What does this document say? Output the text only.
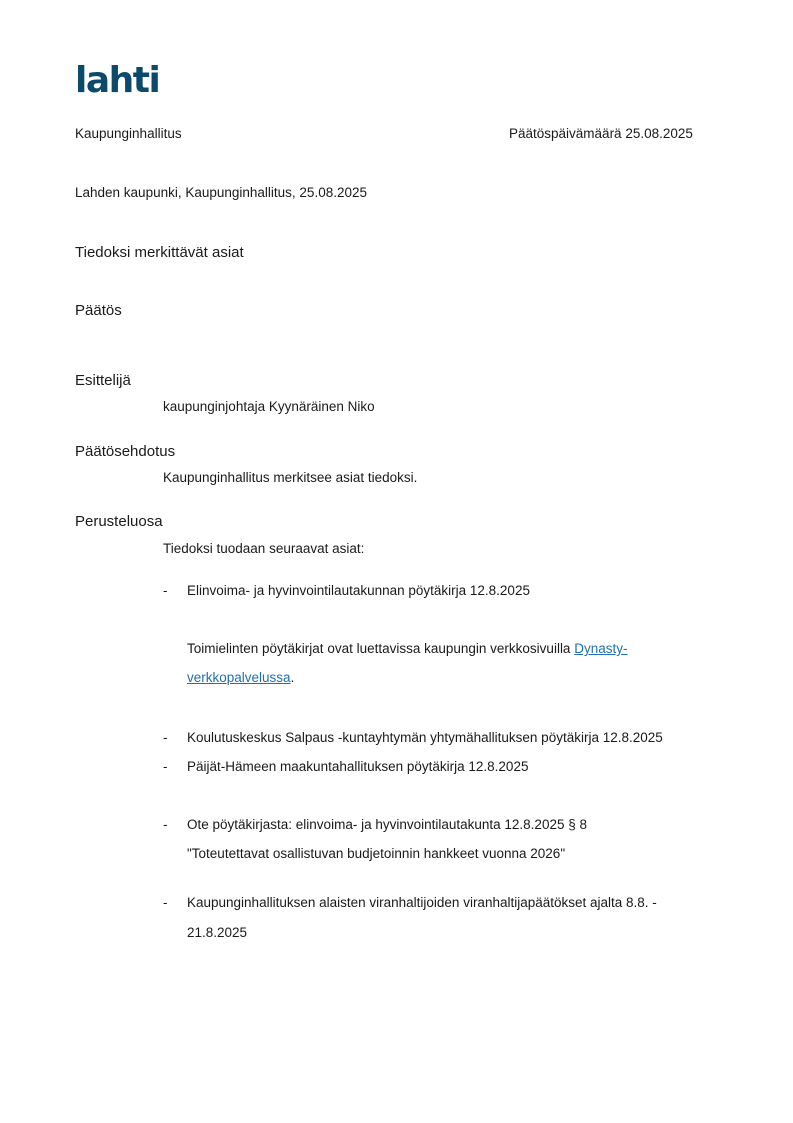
lahti
Kaupunginhallitus	Päätöspäivämäärä 25.08.2025
Lahden kaupunki, Kaupunginhallitus, 25.08.2025
Tiedoksi merkittävät asiat
Päätös
Esittelijä
kaupunginjohtaja Kyynäräinen Niko
Päätösehdotus
Kaupunginhallitus merkitsee asiat tiedoksi.
Perusteluosa
Tiedoksi tuodaan seuraavat asiat:
- Elinvoima- ja hyvinvointilautakunnan pöytäkirja 12.8.2025
Toimielinten pöytäkirjat ovat luettavissa kaupungin verkkosivuilla Dynasty-
verkkopalvelussa.
- Koulutuskeskus Salpaus -kuntayhtymän yhtymähallituksen pöytäkirja 12.8.2025
- Päijät-Hämeen maakuntahallituksen pöytäkirja 12.8.2025
- Ote pöytäkirjasta: elinvoima- ja hyvinvointilautakunta 12.8.2025 § 8
"Toteutettavat osallistuvan budjetoinnin hankkeet vuonna 2026"
- Kaupunginhallituksen alaisten viranhaltijoiden viranhaltijapäätökset ajalta 8.8. -
21.8.2025
